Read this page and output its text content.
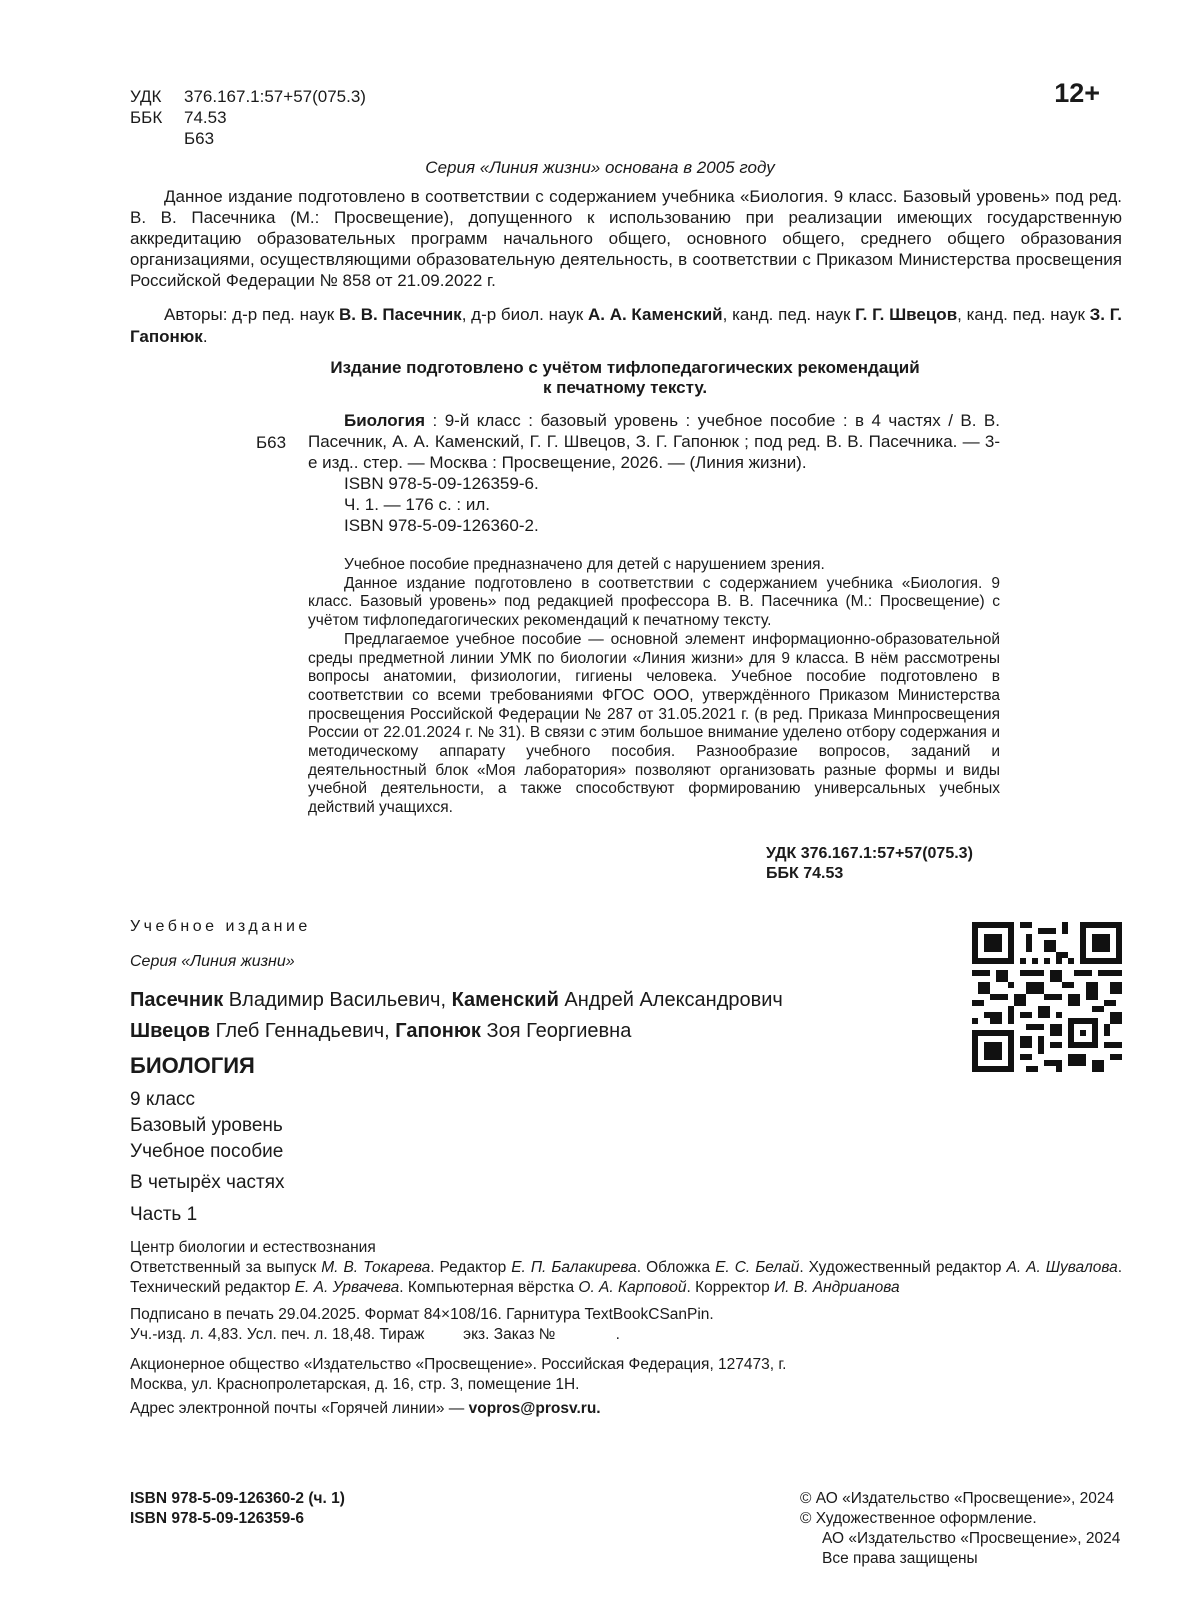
УДК	376.167.1:57+57(075.3)
ББК	74.53
Б63
12+
Серия «Линия жизни» основана в 2005 году
Данное издание подготовлено в соответствии с содержанием учебника «Биология. 9 класс. Базовый уровень» под ред. В. В. Пасечника (М.: Просвещение), допущенного к использованию при реализации имеющих государственную аккредитацию образовательных программ начального общего, основного общего, среднего общего образования организациями, осуществляющими образовательную деятельность, в соответствии с Приказом Министерства просвещения Российской Федерации № 858 от 21.09.2022 г.
Авторы: д-р пед. наук В. В. Пасечник, д-р биол. наук А. А. Каменский, канд. пед. наук Г. Г. Швецов, канд. пед. наук З. Г. Гапонюк.
Издание подготовлено с учётом тифлопедагогических рекомендаций
к печатному тексту.
Б63
Биология : 9-й класс : базовый уровень : учебное пособие : в 4 частях / В. В. Пасечник, А. А. Каменский, Г. Г. Швецов, З. Г. Гапонюк ; под ред. В. В. Пасечника. — 3-е изд.. стер. — Москва : Просвещение, 2026. — (Линия жизни).
ISBN 978-5-09-126359-6.
Ч. 1. — 176 с. : ил.
ISBN 978-5-09-126360-2.
Учебное пособие предназначено для детей с нарушением зрения.
Данное издание подготовлено в соответствии с содержанием учебника «Биология. 9 класс. Базовый уровень» под редакцией профессора В. В. Пасечника (М.: Просвещение) с учётом тифлопедагогических рекомендаций к печатному тексту.
Предлагаемое учебное пособие — основной элемент информационно-образовательной среды предметной линии УМК по биологии «Линия жизни» для 9 класса. В нём рассмотрены вопросы анатомии, физиологии, гигиены человека. Учебное пособие подготовлено в соответствии со всеми требованиями ФГОС ООО, утверждённого Приказом Министерства просвещения Российской Федерации № 287 от 31.05.2021 г. (в ред. Приказа Минпросвещения России от 22.01.2024 г. № 31). В связи с этим большое внимание уделено отбору содержания и методическому аппарату учебного пособия. Разнообразие вопросов, заданий и деятельностный блок «Моя лаборатория» позволяют организовать разные формы и виды учебной деятельности, а также способствуют формированию универсальных учебных действий учащихся.
УДК 376.167.1:57+57(075.3)
ББК 74.53
Учебное издание
Серия «Линия жизни»
Пасечник Владимир Васильевич, Каменский Андрей Александрович
Швецов Глеб Геннадьевич, Гапонюк Зоя Георгиевна
БИОЛОГИЯ
9 класс
Базовый уровень
Учебное пособие
В четырёх частях
Часть 1
Центр биологии и естествознания
Ответственный за выпуск М. В. Токарева. Редактор Е. П. Балакирева. Обложка Е. С. Белай. Художественный редактор А. А. Шувалова. Технический редактор Е. А. Урвачева. Компьютерная вёрстка О. А. Карповой. Корректор И. В. Андрианова
Подписано в печать 29.04.2025. Формат 84×108/16. Гарнитура TextBookCSanPin.
Уч.-изд. л. 4,83. Усл. печ. л. 18,48. Тираж         экз. Заказ №              .
Акционерное общество «Издательство «Просвещение». Российская Федерация, 127473, г. Москва, ул. Краснопролетарская, д. 16, стр. 3, помещение 1Н.
Адрес электронной почты «Горячей линии» — vopros@prosv.ru.
ISBN 978-5-09-126360-2 (ч. 1)
ISBN 978-5-09-126359-6
© АО «Издательство «Просвещение», 2024
© Художественное оформление.
АО «Издательство «Просвещение», 2024
Все права защищены
